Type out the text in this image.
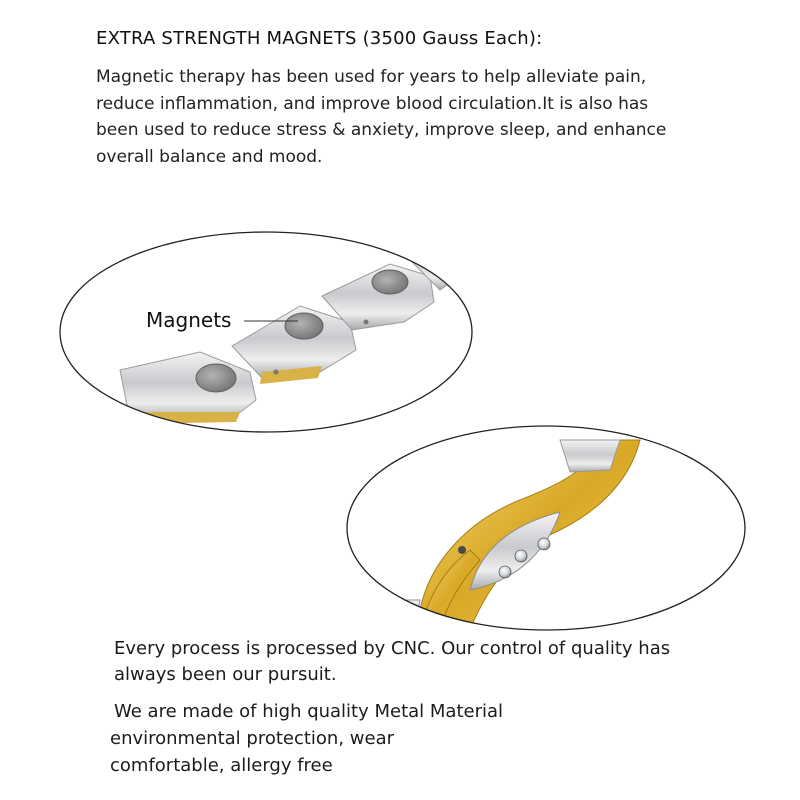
EXTRA STRENGTH MAGNETS (3500 Gauss Each):

Magnetic therapy has been used for years to help alleviate pain,
reduce inflammation, and improve blood circulation.It is also has
been used to reduce stress & anxiety, improve sleep, and enhance
overall balance and mood.

Magnets
Every process is processed by CNC. Our control of quality has
always been our pursuit.
We are made of high quality Metal Material
environmental protection, wear
comfortable, allergy free
